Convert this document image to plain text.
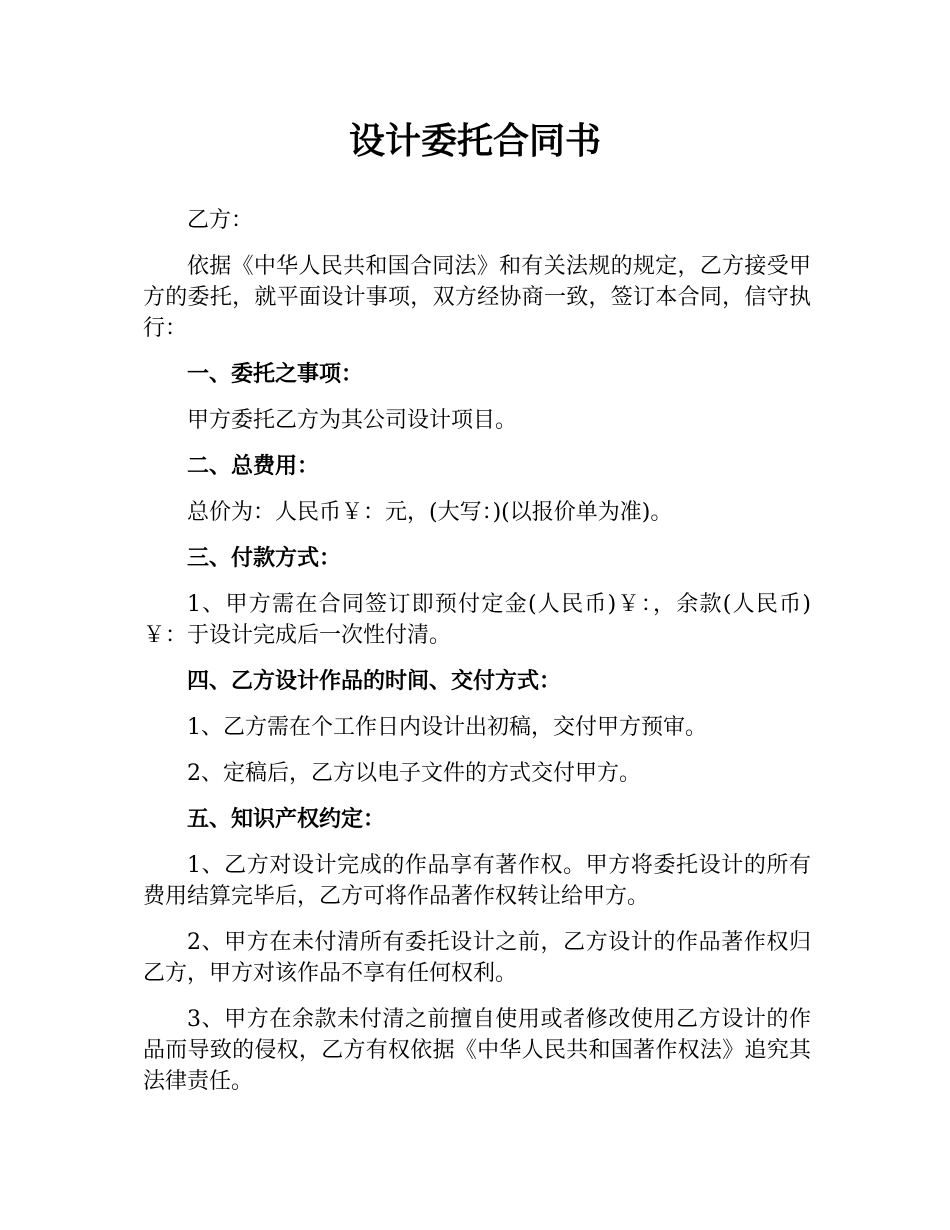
设计委托合同书

乙方：

依据《中华人民共和国合同法》和有关法规的规定，乙方接受甲方的委托，就平面设计事项，双方经协商一致，签订本合同，信守执行：

一、委托之事项：

甲方委托乙方为其公司设计项目。

二、总费用：

总价为：人民币￥：元，(大写：)(以报价单为准)。

三、付款方式：

1、甲方需在合同签订即预付定金(人民币)￥：，余款(人民币)￥：于设计完成后一次性付清。

四、乙方设计作品的时间、交付方式：

1、乙方需在个工作日内设计出初稿，交付甲方预审。

2、定稿后，乙方以电子文件的方式交付甲方。

五、知识产权约定：

1、乙方对设计完成的作品享有著作权。甲方将委托设计的所有费用结算完毕后，乙方可将作品著作权转让给甲方。

2、甲方在未付清所有委托设计之前，乙方设计的作品著作权归乙方，甲方对该作品不享有任何权利。

3、甲方在余款未付清之前擅自使用或者修改使用乙方设计的作品而导致的侵权，乙方有权依据《中华人民共和国著作权法》追究其法律责任。
